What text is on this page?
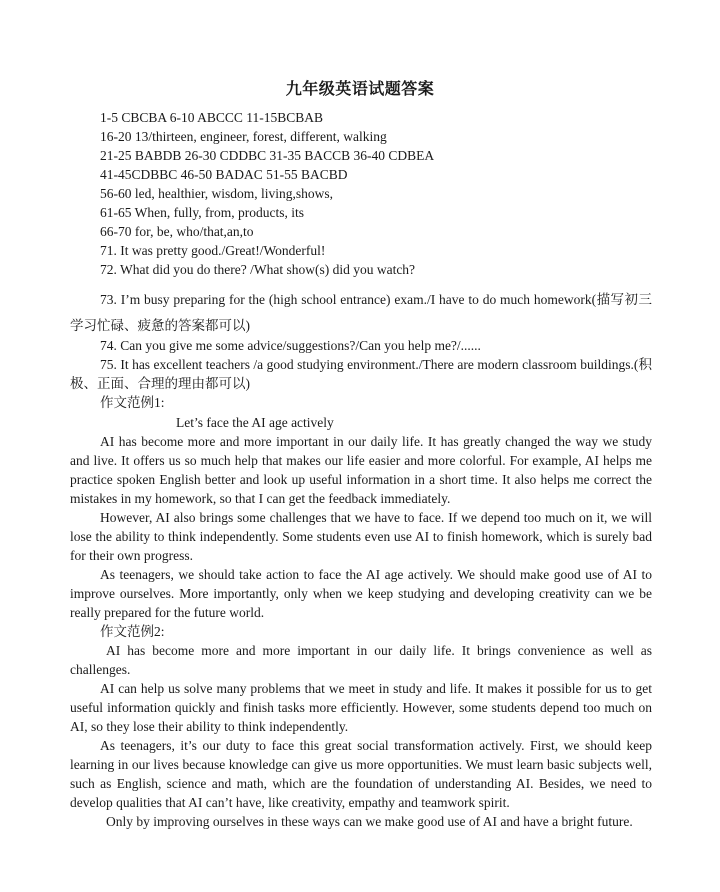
九年级英语试题答案
1-5 CBCBA 6-10 ABCCC 11-15BCBAB
16-20 13/thirteen, engineer, forest, different, walking
21-25 BABDB 26-30 CDDBC 31-35 BACCB 36-40 CDBEA
41-45CDBBC 46-50 BADAC 51-55 BACBD
56-60 led, healthier, wisdom, living,shows,
61-65 When, fully, from, products, its
66-70 for, be, who/that,an,to
71. It was pretty good./Great!/Wonderful!
72. What did you do there? /What show(s) did you watch?
73. I’m busy preparing for the (high school entrance) exam./I have to do much homework(描写初三学习忙碌、疲惫的答案都可以)
74. Can you give me some advice/suggestions?/Can you help me?/......
75. It has excellent teachers /a good studying environment./There are modern classroom buildings.(积极、正面、合理的理由都可以)
作文范例1:
Let’s face the AI age actively

AI has become more and more important in our daily life. It has greatly changed the way we study and live. It offers us so much help that makes our life easier and more colorful. For example, AI helps me practice spoken English better and look up useful information in a short time. It also helps me correct the mistakes in my homework, so that I can get the feedback immediately.

However, AI also brings some challenges that we have to face. If we depend too much on it, we will lose the ability to think independently. Some students even use AI to finish homework, which is surely bad for their own progress.

As teenagers, we should take action to face the AI age actively. We should make good use of AI to improve ourselves. More importantly, only when we keep studying and developing creativity can we be really prepared for the future world.

作文范例2:

AI has become more and more important in our daily life. It brings convenience as well as challenges.

AI can help us solve many problems that we meet in study and life. It makes it possible for us to get useful information quickly and finish tasks more efficiently. However, some students depend too much on AI, so they lose their ability to think independently.

As teenagers, it’s our duty to face this great social transformation actively. First, we should keep learning in our lives because knowledge can give us more opportunities. We must learn basic subjects well, such as English, science and math, which are the foundation of understanding AI. Besides, we need to develop qualities that AI can’t have, like creativity, empathy and teamwork spirit.

Only by improving ourselves in these ways can we make good use of AI and have a bright future.
